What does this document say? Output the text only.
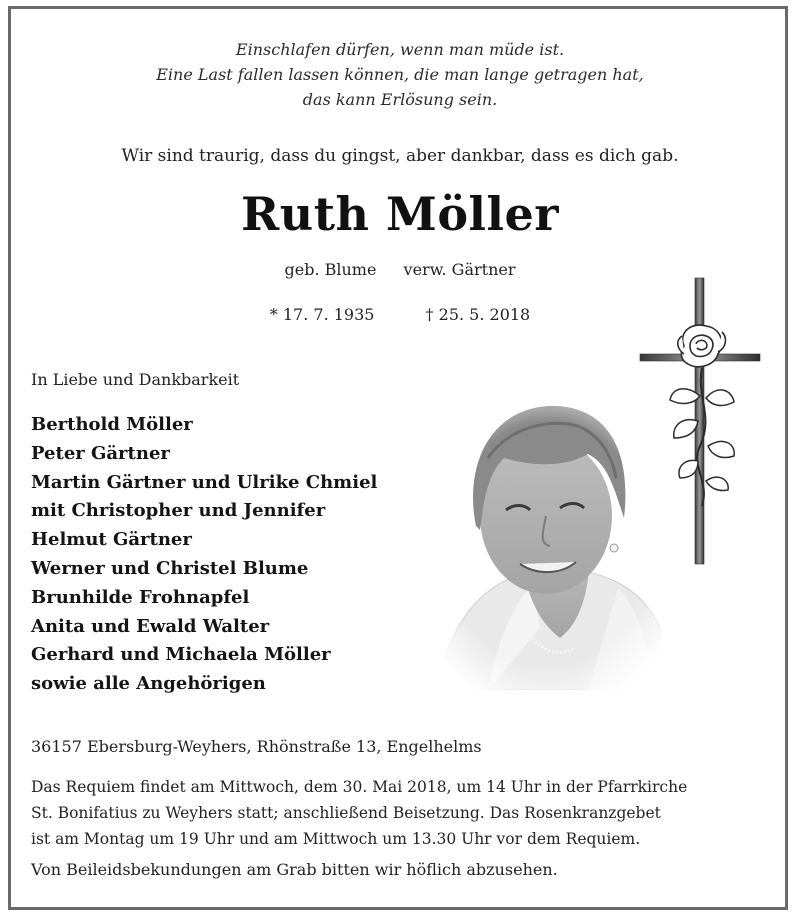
Einschlafen dürfen, wenn man müde ist.
Eine Last fallen lassen können, die man lange getragen hat,
das kann Erlösung sein.
Wir sind traurig, dass du gingst, aber dankbar, dass es dich gab.
Ruth Möller
geb. Blume verw. Gärtner
* 17. 7. 1935	† 25. 5. 2018
In Liebe und Dankbarkeit
Berthold Möller
Peter Gärtner
Martin Gärtner und Ulrike Chmiel
mit Christopher und Jennifer
Helmut Gärtner
Werner und Christel Blume
Brunhilde Frohnapfel
Anita und Ewald Walter
Gerhard und Michaela Möller
sowie alle Angehörigen
36157 Ebersburg-Weyhers, Rhönstraße 13, Engelhelms
Das Requiem findet am Mittwoch, dem 30. Mai 2018, um 14 Uhr in der Pfarrkirche
St. Bonifatius zu Weyhers statt; anschließend Beisetzung. Das Rosenkranzgebet
ist am Montag um 19 Uhr und am Mittwoch um 13.30 Uhr vor dem Requiem.
Von Beileidsbekundungen am Grab bitten wir höflich abzusehen.
